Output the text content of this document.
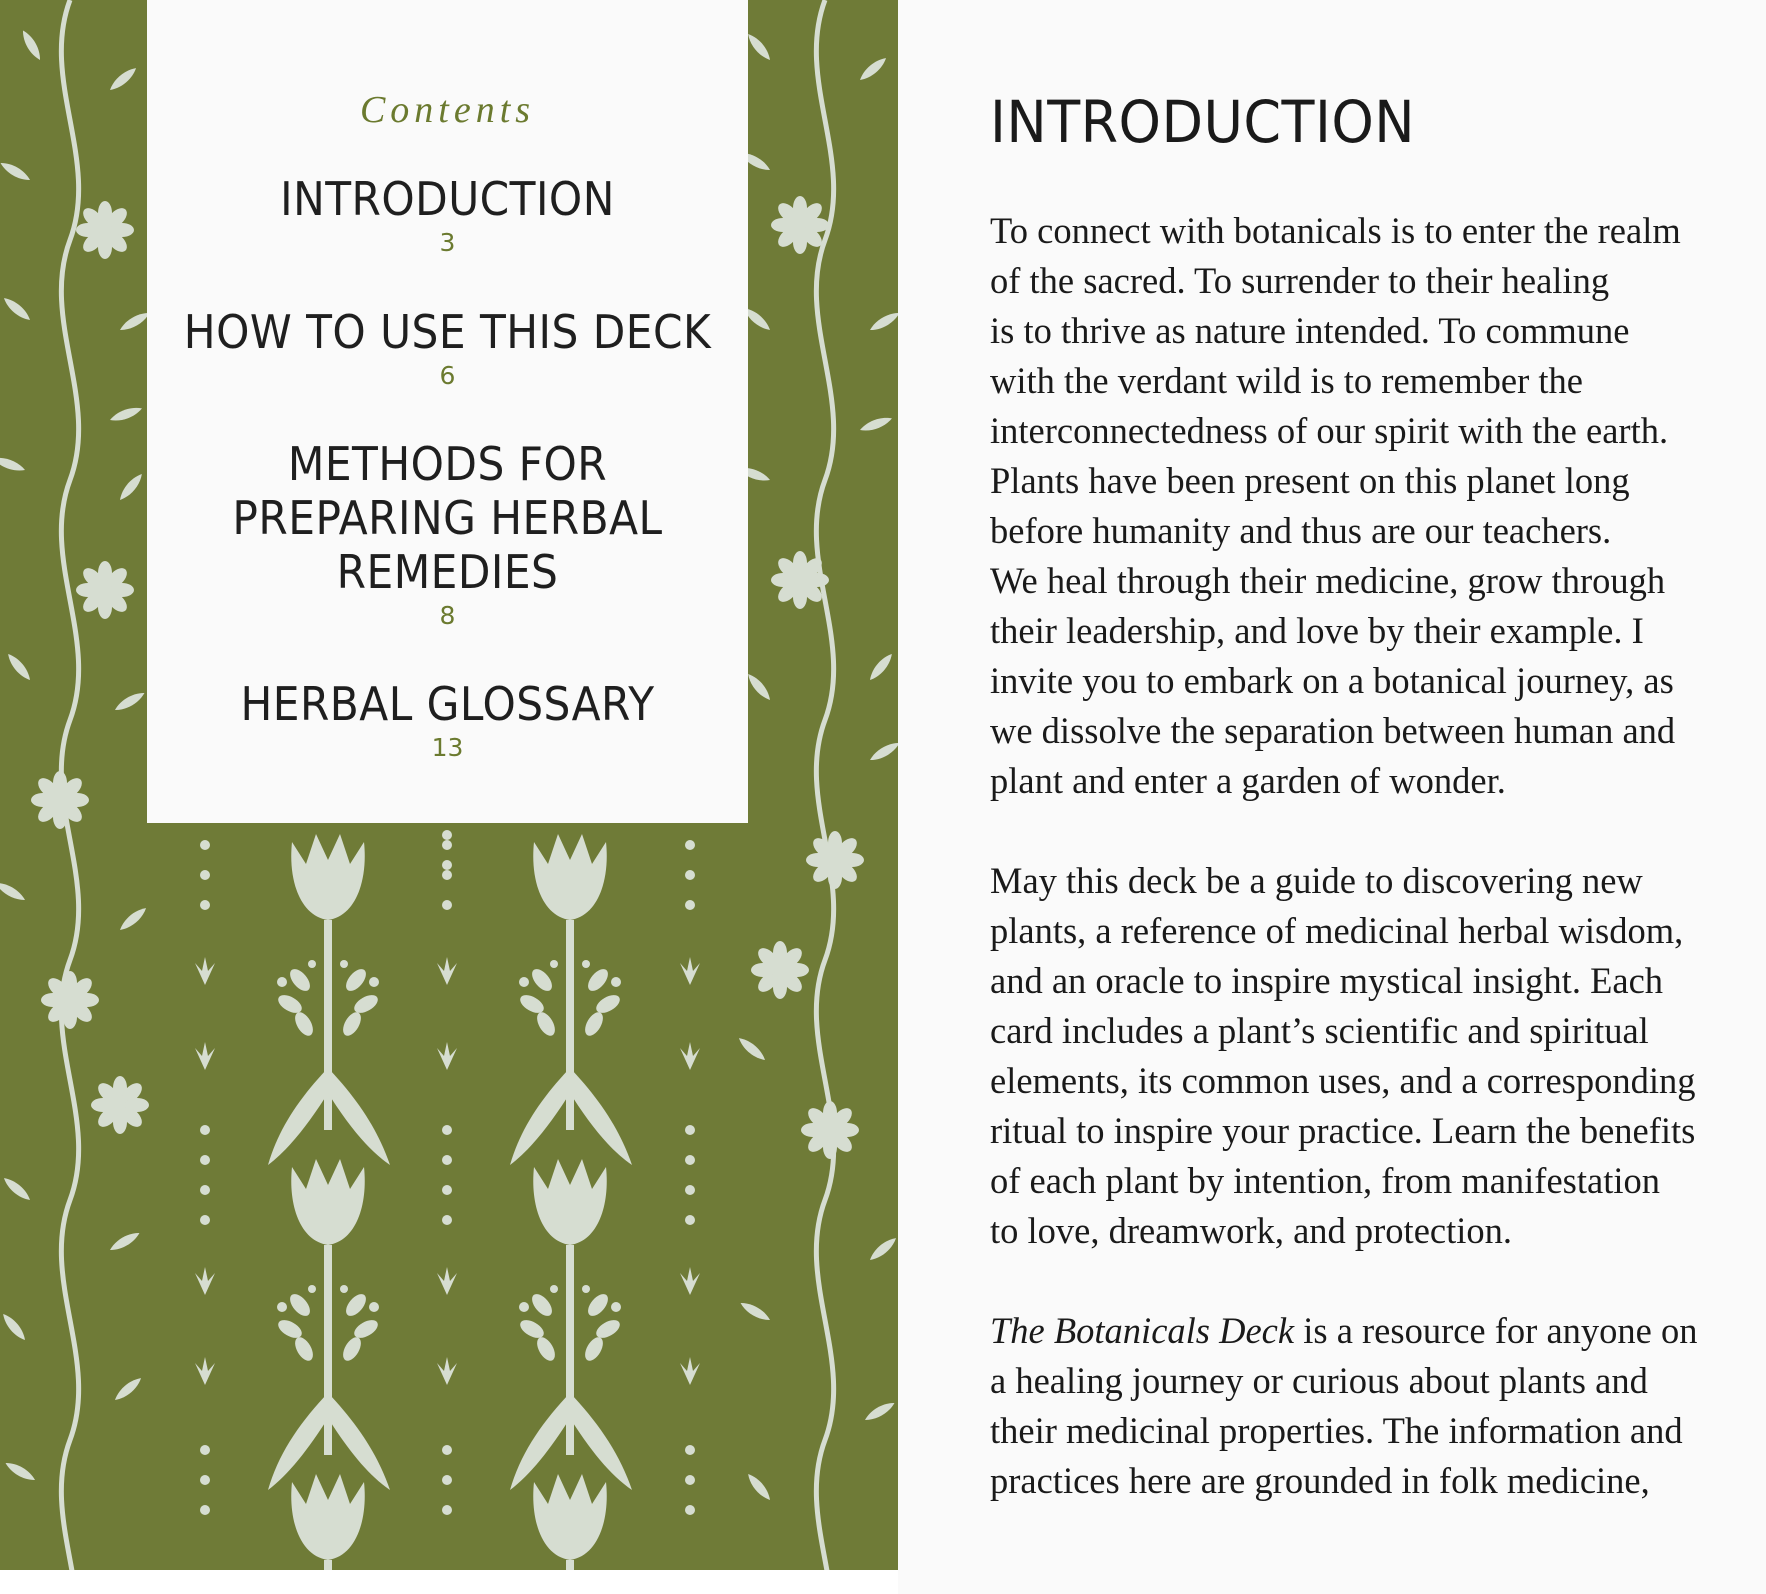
Contents
INTRODUCTION
3
HOW TO USE THIS DECK
6
METHODS FOR
PREPARING HERBAL
REMEDIES
8
HERBAL GLOSSARY
13
INTRODUCTION
To connect with botanicals is to enter the realm
of the sacred. To surrender to their healing
is to thrive as nature intended. To commune
with the verdant wild is to remember the
interconnectedness of our spirit with the earth.
Plants have been present on this planet long
before humanity and thus are our teachers.
We heal through their medicine, grow through
their leadership, and love by their example. I
invite you to embark on a botanical journey, as
we dissolve the separation between human and
plant and enter a garden of wonder.
May this deck be a guide to discovering new
plants, a reference of medicinal herbal wisdom,
and an oracle to inspire mystical insight. Each
card includes a plant’s scientific and spiritual
elements, its common uses, and a corresponding
ritual to inspire your practice. Learn the benefits
of each plant by intention, from manifestation
to love, dreamwork, and protection.
The Botanicals Deck is a resource for anyone on
a healing journey or curious about plants and
their medicinal properties. The information and
practices here are grounded in folk medicine,
